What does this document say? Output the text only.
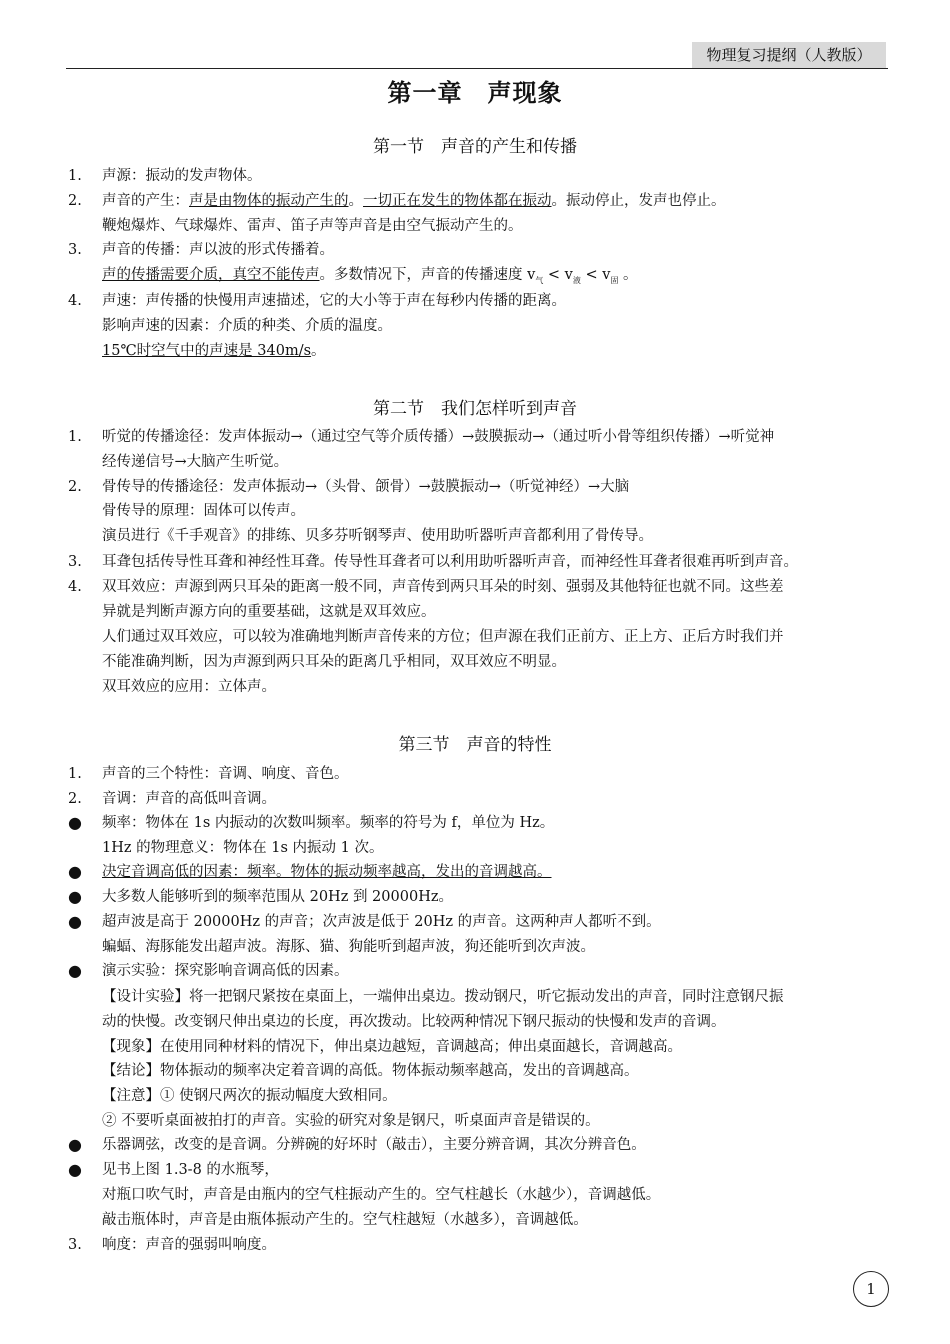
物理复习提纲（人教版）
第一章　声现象
第一节　声音的产生和传播
第二节　我们怎样听到声音
第三节　声音的特性
1.	声源：振动的发声物体。
2.	声音的产生：声是由物体的振动产生的。一切正在发生的物体都在振动。振动停止，发声也停止。
鞭炮爆炸、气球爆炸、雷声、笛子声等声音是由空气振动产生的。
3.	声音的传播：声以波的形式传播着。
声的传播需要介质，真空不能传声。多数情况下，声音的传播速度 $v_气 < v_液 < v_固$ 。
4.	声速：声传播的快慢用声速描述，它的大小等于声在每秒内传播的距离。
影响声速的因素：介质的种类、介质的温度。
15℃时空气中的声速是 340m/s。
1.	听觉的传播途径：发声体振动→（通过空气等介质传播）→鼓膜振动→（通过听小骨等组织传播）→听觉神
经传递信号→大脑产生听觉。
2.	骨传导的传播途径：发声体振动→（头骨、颌骨）→鼓膜振动→（听觉神经）→大脑
骨传导的原理：固体可以传声。
演员进行《千手观音》的排练、贝多芬听钢琴声、使用助听器听声音都利用了骨传导。
3.	耳聋包括传导性耳聋和神经性耳聋。传导性耳聋者可以利用助听器听声音，而神经性耳聋者很难再听到声音。
4.	双耳效应：声源到两只耳朵的距离一般不同，声音传到两只耳朵的时刻、强弱及其他特征也就不同。这些差
异就是判断声源方向的重要基础，这就是双耳效应。
人们通过双耳效应，可以较为准确地判断声音传来的方位；但声源在我们正前方、正上方、正后方时我们并
不能准确判断，因为声源到两只耳朵的距离几乎相同，双耳效应不明显。
双耳效应的应用：立体声。
1.	声音的三个特性：音调、响度、音色。
2.	音调：声音的高低叫音调。
● 频率：物体在 1s 内振动的次数叫频率。频率的符号为 f，单位为 Hz。
1Hz 的物理意义：物体在 1s 内振动 1 次。
● 决定音调高低的因素：频率。物体的振动频率越高，发出的音调越高。
● 大多数人能够听到的频率范围从 20Hz 到 20000Hz。
● 超声波是高于 20000Hz 的声音；次声波是低于 20Hz 的声音。这两种声人都听不到。
蝙蝠、海豚能发出超声波。海豚、猫、狗能听到超声波，狗还能听到次声波。
● 演示实验：探究影响音调高低的因素。
【设计实验】将一把钢尺紧按在桌面上，一端伸出桌边。拨动钢尺，听它振动发出的声音，同时注意钢尺振
动的快慢。改变钢尺伸出桌边的长度，再次拨动。比较两种情况下钢尺振动的快慢和发声的音调。
【现象】在使用同种材料的情况下，伸出桌边越短，音调越高；伸出桌面越长，音调越高。
【结论】物体振动的频率决定着音调的高低。物体振动频率越高，发出的音调越高。
【注意】① 使钢尺两次的振动幅度大致相同。
② 不要听桌面被拍打的声音。实验的研究对象是钢尺，听桌面声音是错误的。
● 乐器调弦，改变的是音调。分辨碗的好坏时（敲击），主要分辨音调，其次分辨音色。
● 见书上图 1.3-8 的水瓶琴，
对瓶口吹气时，声音是由瓶内的空气柱振动产生的。空气柱越长（水越少），音调越低。
敲击瓶体时，声音是由瓶体振动产生的。空气柱越短（水越多），音调越低。
3.	响度：声音的强弱叫响度。
1
